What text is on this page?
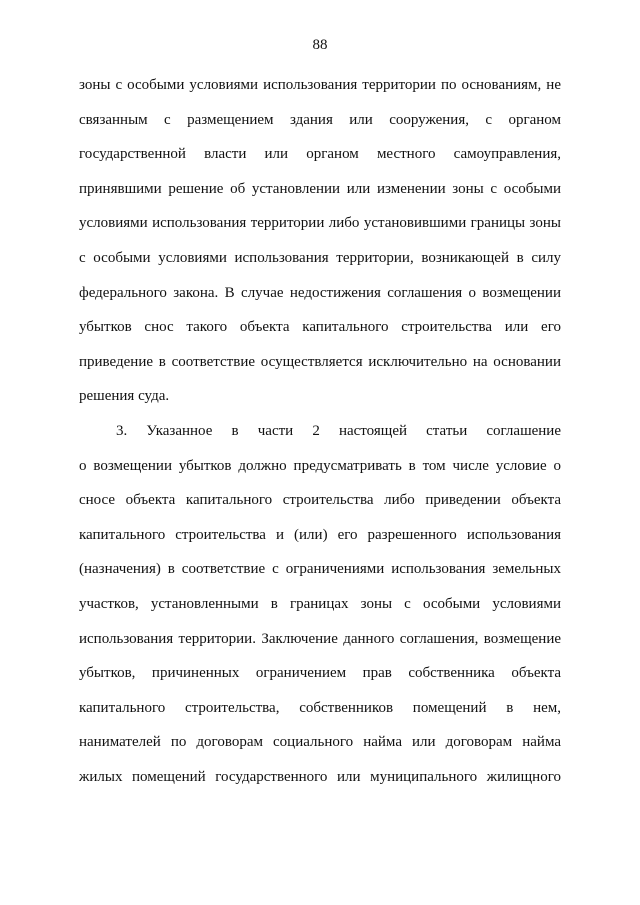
88
зоны с особыми условиями использования территории по основаниям, не
связанным с размещением здания или сооружения, с органом
государственной власти или органом местного самоуправления,
принявшими решение об установлении или изменении зоны с особыми
условиями использования территории либо установившими границы зоны
с особыми условиями использования территории, возникающей в силу
федерального закона. В случае недостижения соглашения о возмещении
убытков снос такого объекта капитального строительства или его
приведение в соответствие осуществляется исключительно на основании
решения суда.
3. Указанное в части 2 настоящей статьи соглашение
о возмещении убытков должно предусматривать в том числе условие о
сносе объекта капитального строительства либо приведении объекта
капитального строительства и (или) его разрешенного использования
(назначения) в соответствие с ограничениями использования земельных
участков, установленными в границах зоны с особыми условиями
использования территории. Заключение данного соглашения, возмещение
убытков, причиненных ограничением прав собственника объекта
капитального строительства, собственников помещений в нем,
нанимателей по договорам социального найма или договорам найма
жилых помещений государственного или муниципального жилищного
